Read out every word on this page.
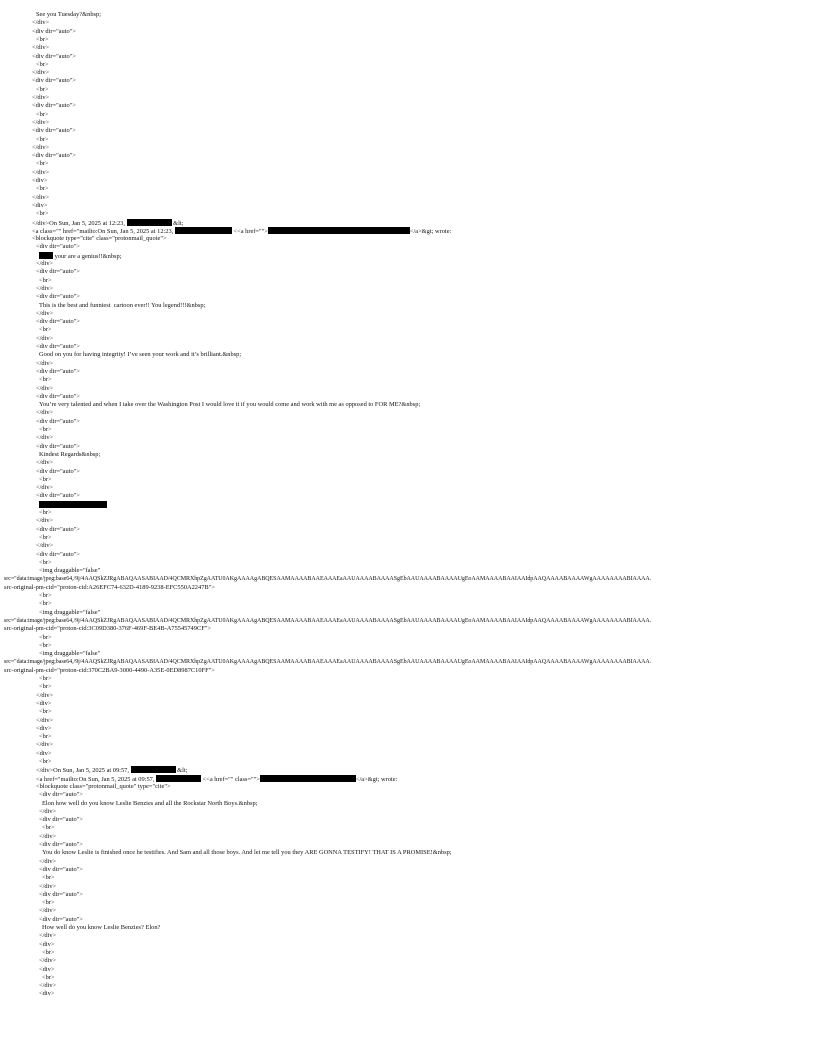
See you Tuesday?&nbsp;
</div>
<div dir="auto">
<br>
</div>
<div dir="auto">
<br>
</div>
<div dir="auto">
<br>
</div>
<div dir="auto">
<br>
</div>
<div dir="auto">
<br>
</div>
<div dir="auto">
<br>
</div>
<div>
<br>
</div>
<div>
<br>
</div>On Sun, Jan 5, 2025 at 12:23,	&lt;
<a class="" href="mailto:On Sun, Jan 5, 2025 at 12:23,	<<a href="">	</a>&gt; wrote:
<blockquote type="cite" class="protonmail_quote">
<div dir="auto">
your are a genius!!&nbsp;
</div>
<div dir="auto">
<br>
</div>
<div dir="auto">
This is the best and funniest  cartoon ever!! You legend!!!&nbsp;
</div>
<div dir="auto">
<br>
</div>
<div dir="auto">
Good on you for having integrity! I’ve seen your work and it’s brilliant.&nbsp;
</div>
<div dir="auto">
<br>
</div>
<div dir="auto">
You’re very talented and when I take over the Washington Post I would love it if you would come and work with me as opposed to FOR ME?&nbsp;
</div>
<div dir="auto">
<br>
</div>
<div dir="auto">
Kindest Regards&nbsp;
</div>
<div dir="auto">
<br>
</div>
<div dir="auto">
<br>
</div>
<div dir="auto">
<br>
</div>
<div dir="auto">
<br>
<img draggable="false"
src="data:image/jpeg;base64,/9j/4AAQSkZJRgABAQAASABIAAD/4QCMRXhpZgAATU0AKgAAAAgABQESAAMAAAABAAEAAAEaAAUAAAABAAAASgEbAAUAAAABAAAAUgEoAAMAAAABAAIAAIdpAAQAAAABAAAAWgAAAAAAAABIAAAA.
src-original-pm-cid="proton-cid:A26EFC74-632D-4189-9238-EFC550A2247B">
<br>
<br>
<img draggable="false"
src="data:image/jpeg;base64,/9j/4AAQSkZJRgABAQAASABIAAD/4QCMRXhpZgAATU0AKgAAAAgABQESAAMAAAABAAEAAAEaAAUAAAABAAAASgEbAAUAAAABAAAAUgEoAAMAAAABAAIAAIdpAAQAAAABAAAAWgAAAAAAAABIAAAA.
src-original-pm-cid="proton-cid:3C09D380-376F-469F-BE4B-A75545749CF">
<br>
<br>
<img draggable="false"
src="data:image/jpeg;base64,/9j/4AAQSkZJRgABAQAASABIAAD/4QCMRXhpZgAATU0AKgAAAAgABQESAAMAAAABAAEAAAEaAAUAAAABAAAASgEbAAUAAAABAAAAUgEoAAMAAAABAAIAAIdpAAQAAAABAAAAWgAAAAAAAABIAAAA.
src-original-pm-cid="proton-cid:370C2BA9-3000-4490-A35E-0ED8987C10FF">
<br>
<br>
</div>
<div>
<br>
</div>
<div>
<br>
</div>
<div>
<br>
</div>On Sun, Jan 5, 2025 at 09:57,	&lt;
<a href="mailto:On Sun, Jan 5, 2025 at 09:57,	<<a href="" class="">	</a>&gt; wrote:
<blockquote class="protonmail_quote" type="cite">
<div dir="auto">
Elon how well do you know Leslie Benzies and all the Rockstar North Boys.&nbsp;
</div>
<div dir="auto">
<br>
</div>
<div dir="auto">
You do know Leslie is finished once he testifies. And Sam and all those boys. And let me tell you they ARE GONNA TESTIFY! THAT IS A PROMISE!&nbsp;
</div>
<div dir="auto">
<br>
</div>
<div dir="auto">
<br>
</div>
<div dir="auto">
How well do you know Leslie Benzies? Elon?
</div>
<div>
<br>
</div>
<div>
<br>
</div>
<div>
